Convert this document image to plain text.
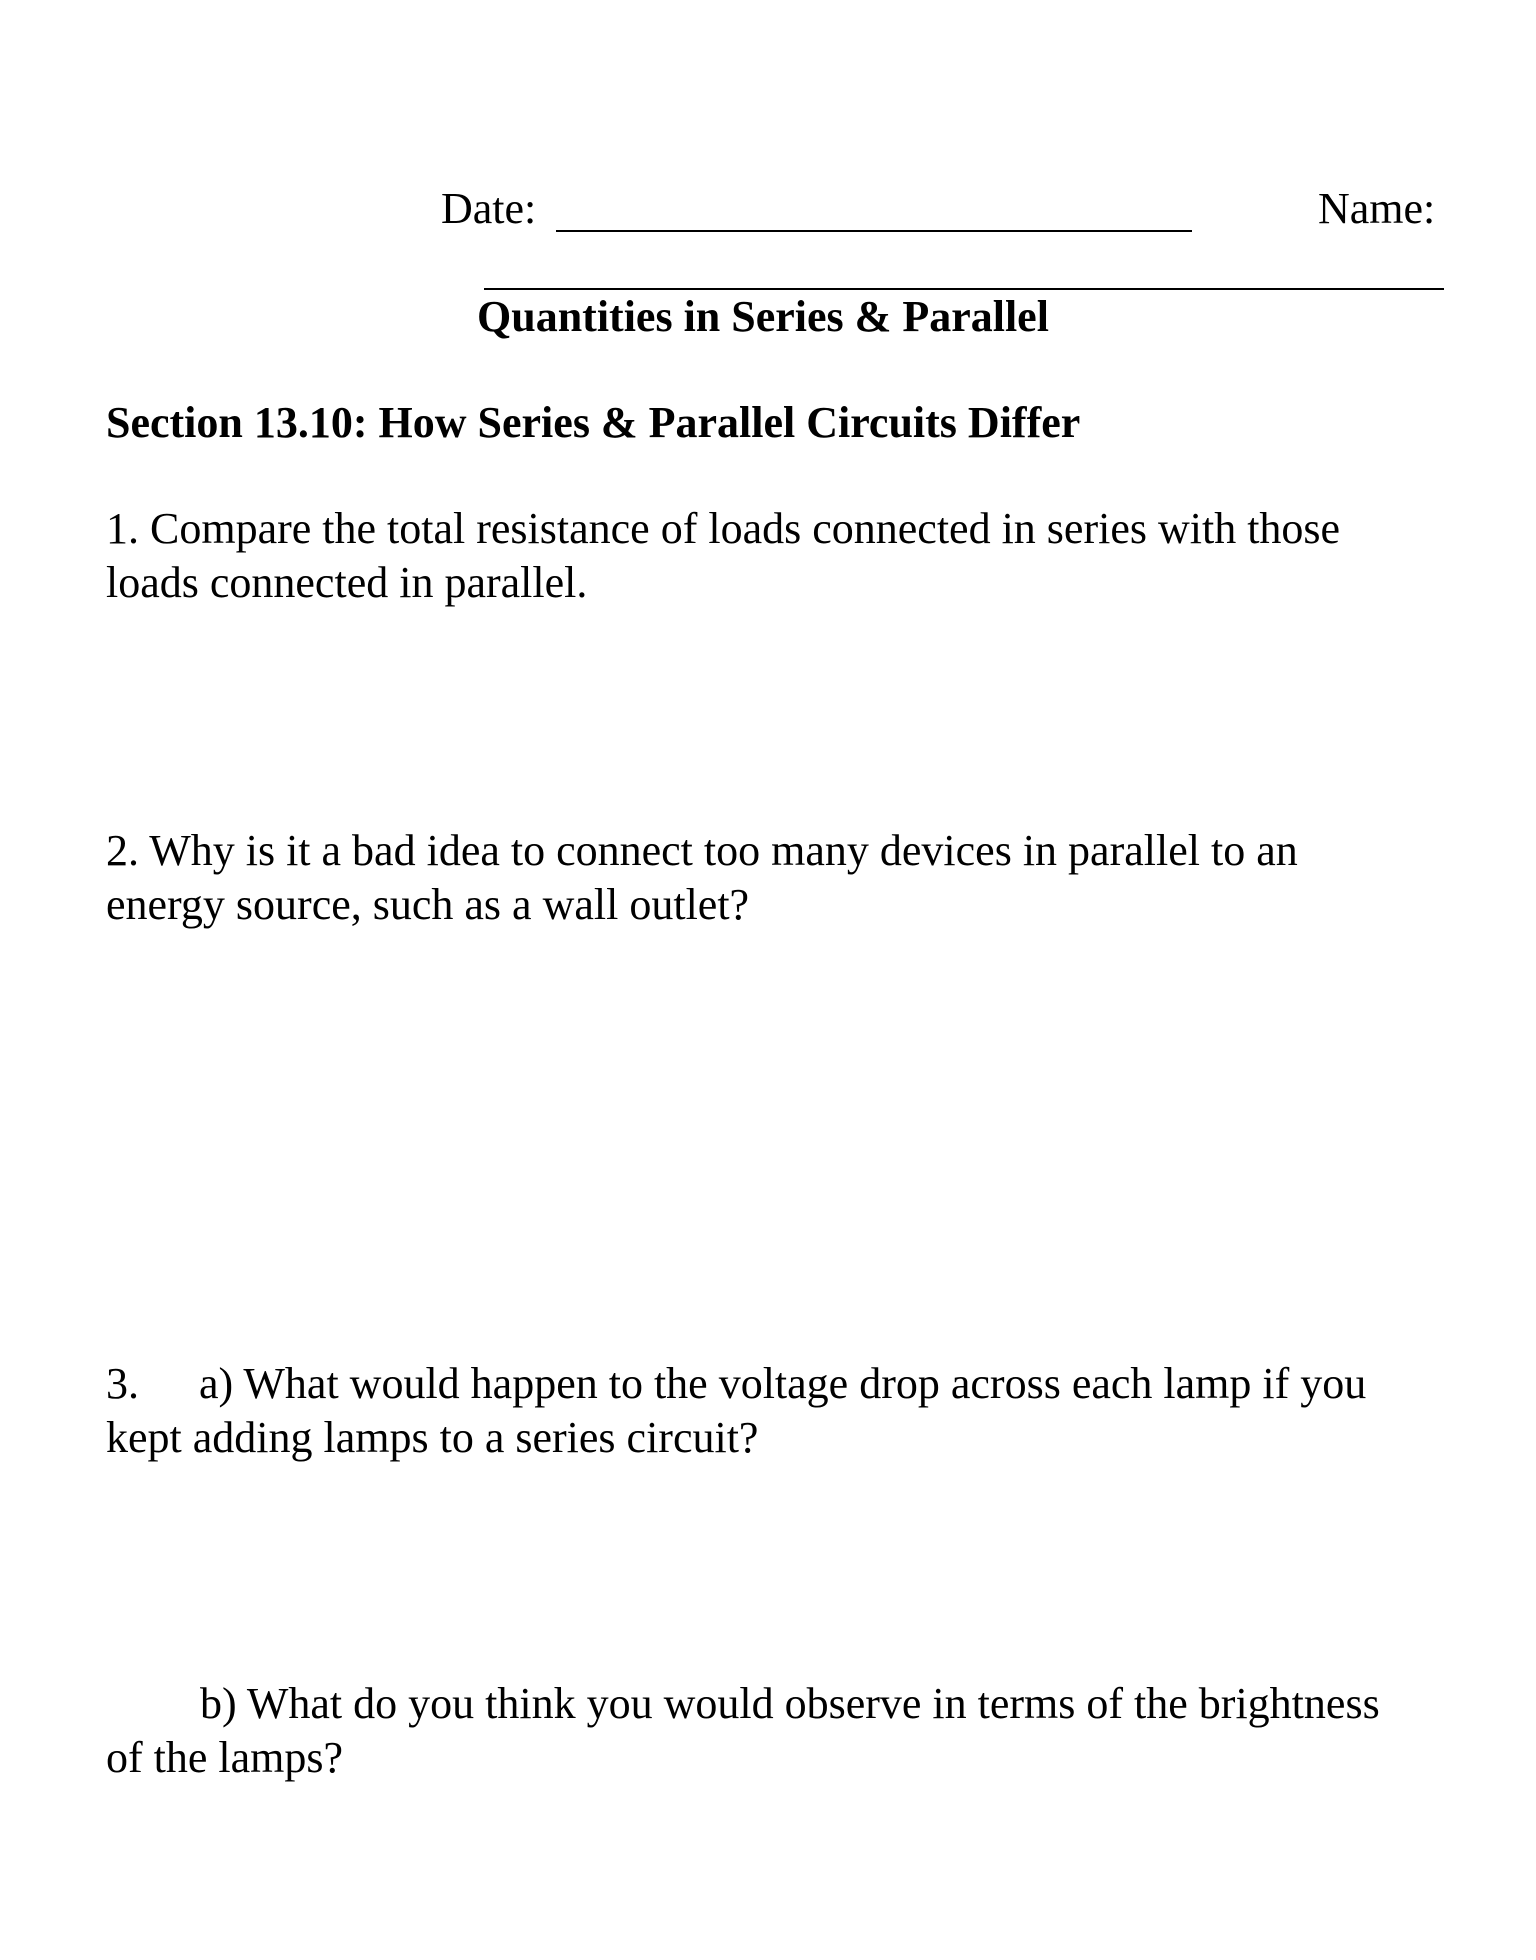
Date:	Name:
Quantities in Series & Parallel
Section 13.10: How Series & Parallel Circuits Differ
1. Compare the total resistance of loads connected in series with those
loads connected in parallel.
2. Why is it a bad idea to connect too many devices in parallel to an
energy source, such as a wall outlet?
3. a) What would happen to the voltage drop across each lamp if you
kept adding lamps to a series circuit?
b) What do you think you would observe in terms of the brightness
of the lamps?
